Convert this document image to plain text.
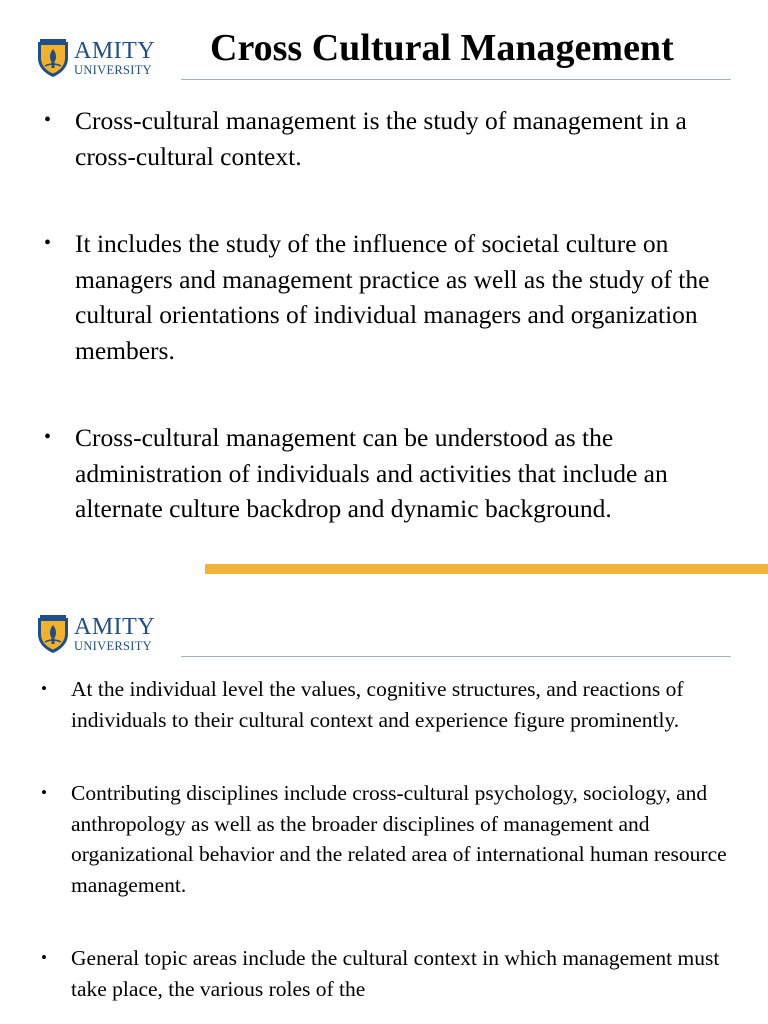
AMITY
UNIVERSITY
Cross Cultural Management
• Cross-cultural management is the study of management in a cross-cultural context.
• It includes the study of the influence of societal culture on managers and management practice as well as the study of the cultural orientations of individual managers and organization members.
• Cross-cultural management can be understood as the administration of individuals and activities that include an alternate culture backdrop and dynamic background.
AMITY
UNIVERSITY
• At the individual level the values, cognitive structures, and reactions of individuals to their cultural context and experience figure prominently.
• Contributing disciplines include cross-cultural psychology, sociology, and anthropology as well as the broader disciplines of management and organizational behavior and the related area of international human resource management.
• General topic areas include the cultural context in which management must take place, the various roles of the
